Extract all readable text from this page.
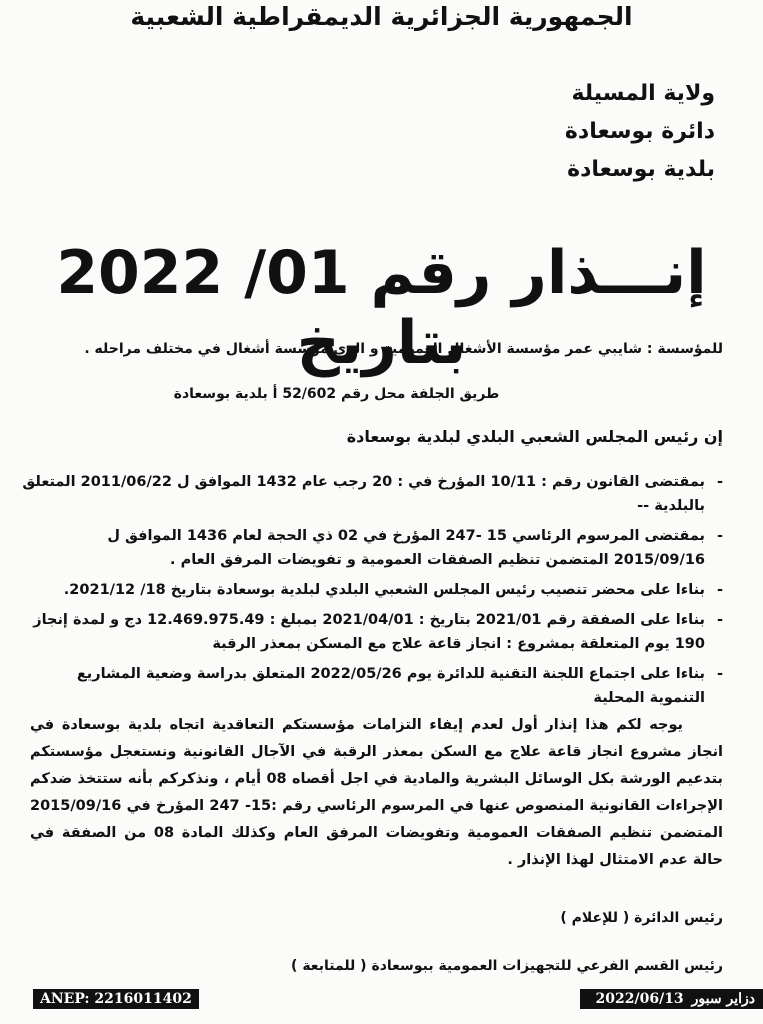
الجمهورية الجزائرية الديمقراطية الشعبية
ولاية المسيلة
دائرة بوسعادة
بلدية بوسعادة
إنـــذار رقم 01/ 2022 بتاريخ
للمؤسسة : شايبي عمر مؤسسة الأشغال العمومية و الري مؤسسة أشغال في مختلف مراحله .
طريق الجلفة محل رقم 52/602 أ بلدية بوسعادة
إن رئيس المجلس الشعبي البلدي لبلدية بوسعادة
- بمقتضى القانون رقم : 10/11 المؤرخ في : 20 رجب عام 1432 الموافق ل 2011/06/22 المتعلق بالبلدية --
- بمقتضى المرسوم الرئاسي 15 -247 المؤرخ في 02 ذي الحجة لعام 1436 الموافق ل 2015/09/16 المتضمن تنظيم الصفقات العمومية و تفويضات المرفق العام .
- بناءا على محضر تنصيب رئيس المجلس الشعبي البلدي لبلدية بوسعادة بتاريخ 18/ 2021/12.
- بناءا على الصفقة رقم 2021/01 بتاريخ : 2021/04/01 بمبلغ : 12.469.975.49 دج و لمدة إنجاز 190 يوم المتعلقة بمشروع : انجاز قاعة علاج مع المسكن بمعذر الرقبة
- بناءا على اجتماع اللجنة التقنية للدائرة يوم 2022/05/26 المتعلق بدراسة وضعية المشاريع التنموية المحلية
يوجه لكم هذا إنذار أول لعدم إيفاء التزامات مؤسستكم التعاقدية اتجاه بلدية بوسعادة في انجاز مشروع انجاز قاعة علاج مع السكن بمعذر الرقبة في الآجال القانونية ونستعجل مؤسستكم بتدعيم الورشة بكل الوسائل البشرية والمادية في اجل أقصاه 08 أيام ، ونذكركم بأنه ستتخذ ضدكم الإجراءات القانونية المنصوص عنها في المرسوم الرئاسي رقم :15- 247 المؤرخ في 2015/09/16 المتضمن تنظيم الصفقات العمومية وتفويضات المرفق العام وكذلك المادة 08 من الصفقة في حالة عدم الامتثال لهذا الإنذار .
رئيس الدائرة ( للإعلام )
رئيس القسم الفرعي للتجهيزات العمومية ببوسعادة ( للمتابعة )
ANEP: 2216011402	دزاير سبور2022/06/13
